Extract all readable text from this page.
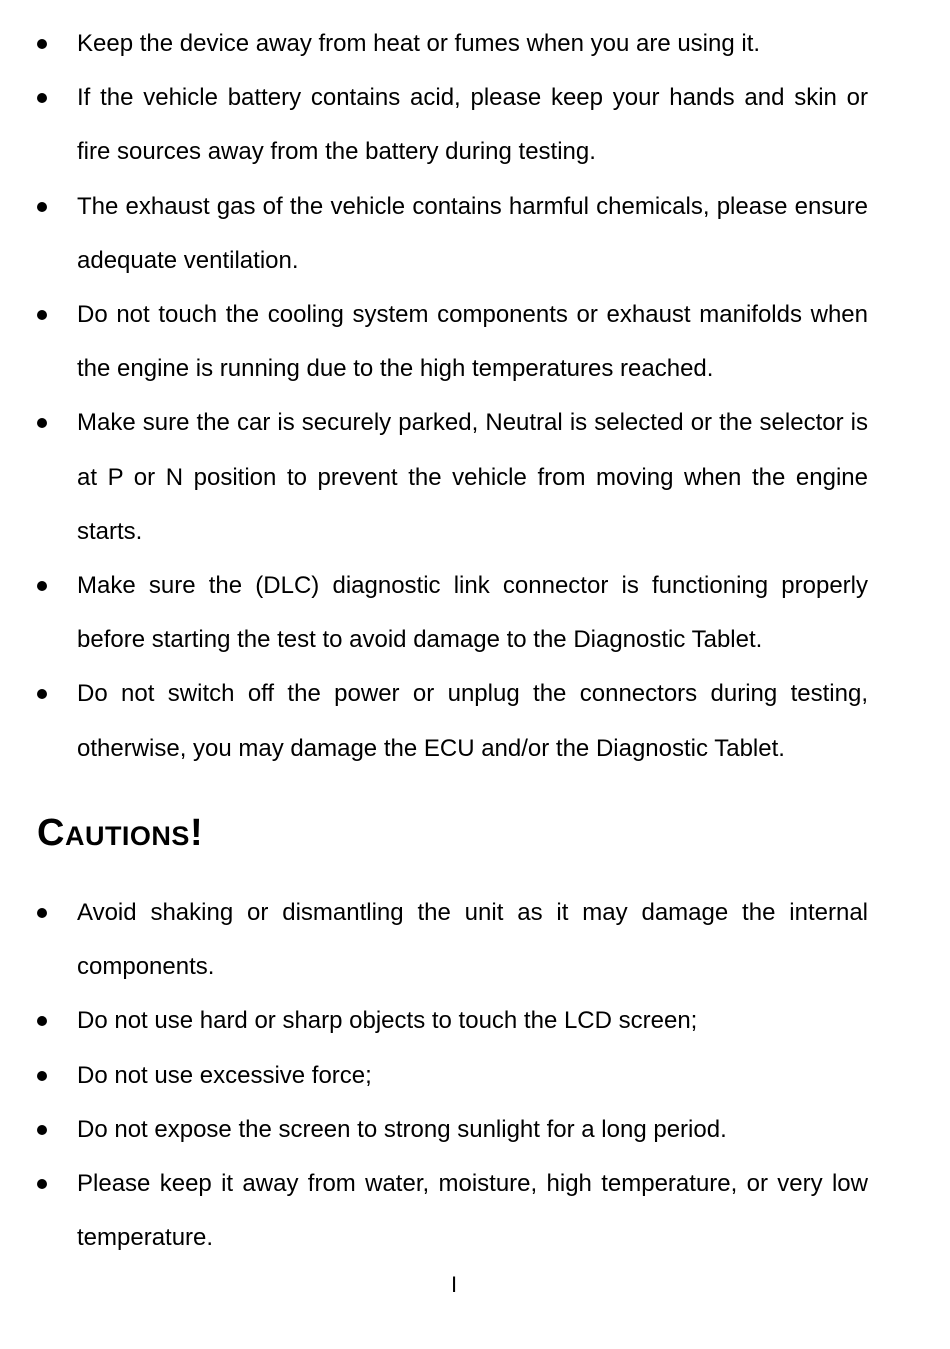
Keep the device away from heat or fumes when you are using it.
If the vehicle battery contains acid, please keep your hands and skin or fire sources away from the battery during testing.
The exhaust gas of the vehicle contains harmful chemicals, please ensure adequate ventilation.
Do not touch the cooling system components or exhaust manifolds when the engine is running due to the high temperatures reached.
Make sure the car is securely parked, Neutral is selected or the selector is at P or N position to prevent the vehicle from moving when the engine starts.
Make sure the (DLC) diagnostic link connector is functioning properly before starting the test to avoid damage to the Diagnostic Tablet.
Do not switch off the power or unplug the connectors during testing, otherwise, you may damage the ECU and/or the Diagnostic Tablet.
Cautions!
Avoid shaking or dismantling the unit as it may damage the internal components.
Do not use hard or sharp objects to touch the LCD screen;
Do not use excessive force;
Do not expose the screen to strong sunlight for a long period.
Please keep it away from water, moisture, high temperature, or very low temperature.
I
